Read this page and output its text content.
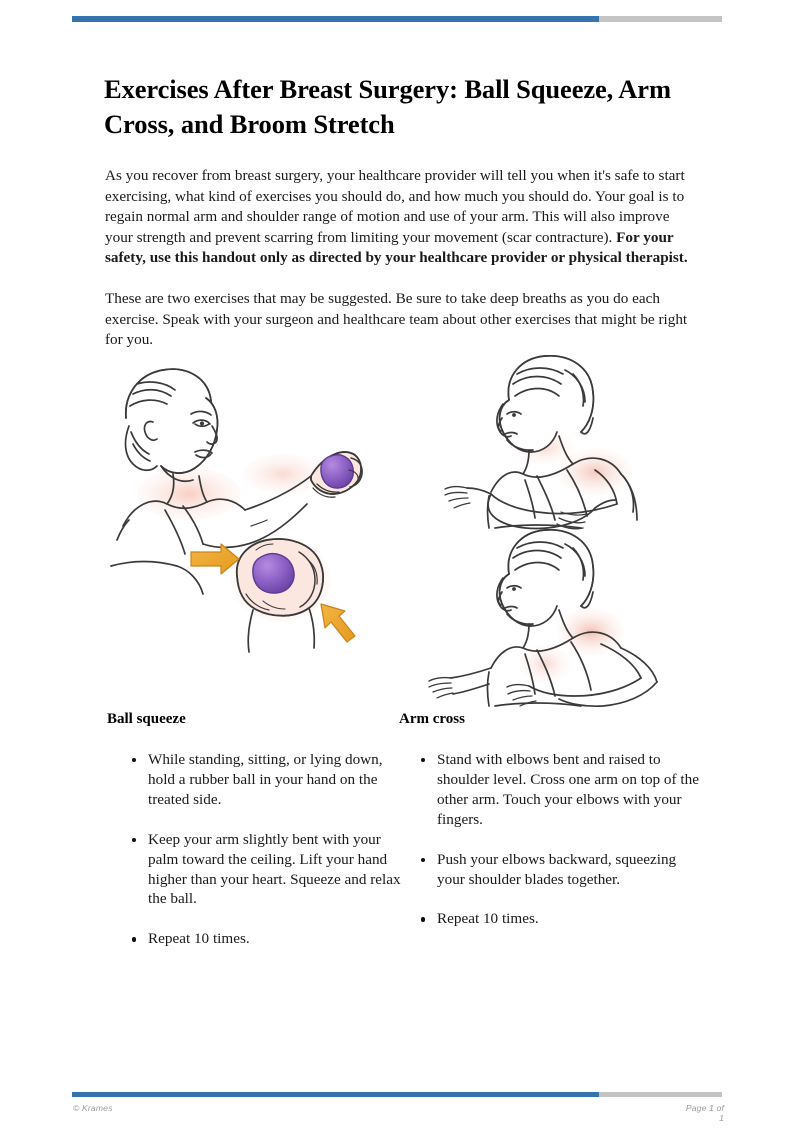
Exercises After Breast Surgery: Ball Squeeze, Arm Cross, and Broom Stretch

As you recover from breast surgery, your healthcare provider will tell you when it's safe to start exercising, what kind of exercises you should do, and how much you should do. Your goal is to regain normal arm and shoulder range of motion and use of your arm. This will also improve your strength and prevent scarring from limiting your movement (scar contracture). For your safety, use this handout only as directed by your healthcare provider or physical therapist.

These are two exercises that may be suggested. Be sure to take deep breaths as you do each exercise. Speak with your surgeon and healthcare team about other exercises that might be right for you.

Ball squeeze
While standing, sitting, or lying down, hold a rubber ball in your hand on the treated side.
Keep your arm slightly bent with your palm toward the ceiling. Lift your hand higher than your heart. Squeeze and relax the ball.
Repeat 10 times.
Arm cross
Stand with elbows bent and raised to shoulder level. Cross one arm on top of the other arm. Touch your elbows with your fingers.
Push your elbows backward, squeezing your shoulder blades together.
Repeat 10 times.
© Krames	Page 1 of 1
